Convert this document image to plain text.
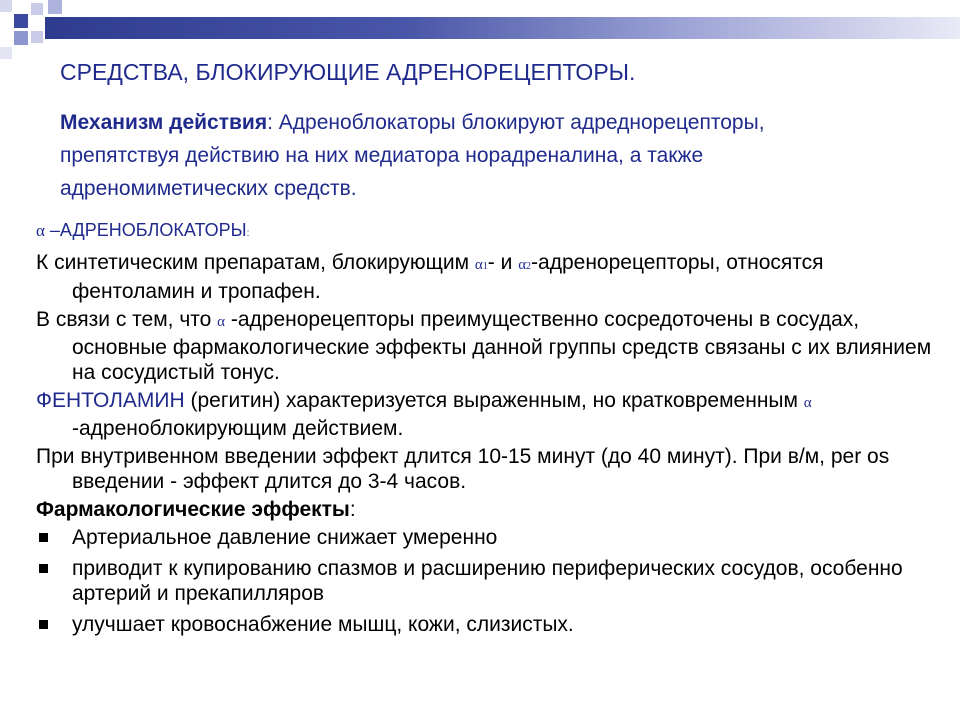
СРЕДСТВА, БЛОКИРУЮЩИЕ АДРЕНОРЕЦЕПТОРЫ.
Механизм действия: Адреноблокаторы блокируют адреднорецепторы, препятствуя действию на них медиатора норадреналина, а также адреномиметических средств.
α –АДРЕНОБЛОКАТОРЫ:

К синтетическим препаратам, блокирующим α1- и α2-адренорецепторы, относятся фентоламин и тропафен.

В связи с тем, что α -адренорецепторы преимущественно сосредоточены в сосудах, основные фармакологические эффекты данной группы средств связаны с их влиянием на сосудистый тонус.

ФЕНТОЛАМИН (регитин) характеризуется выраженным, но кратковременным α -адреноблокирующим действием.

При внутривенном введении эффект длится 10-15 минут (до 40 минут). При в/м, per os введении - эффект длится до 3-4 часов.

Фармакологические эффекты:
Артериальное давление снижает умеренно
приводит к купированию спазмов и расширению периферических сосудов, особенно артерий и прекапилляров
улучшает кровоснабжение мышц, кожи, слизистых.
